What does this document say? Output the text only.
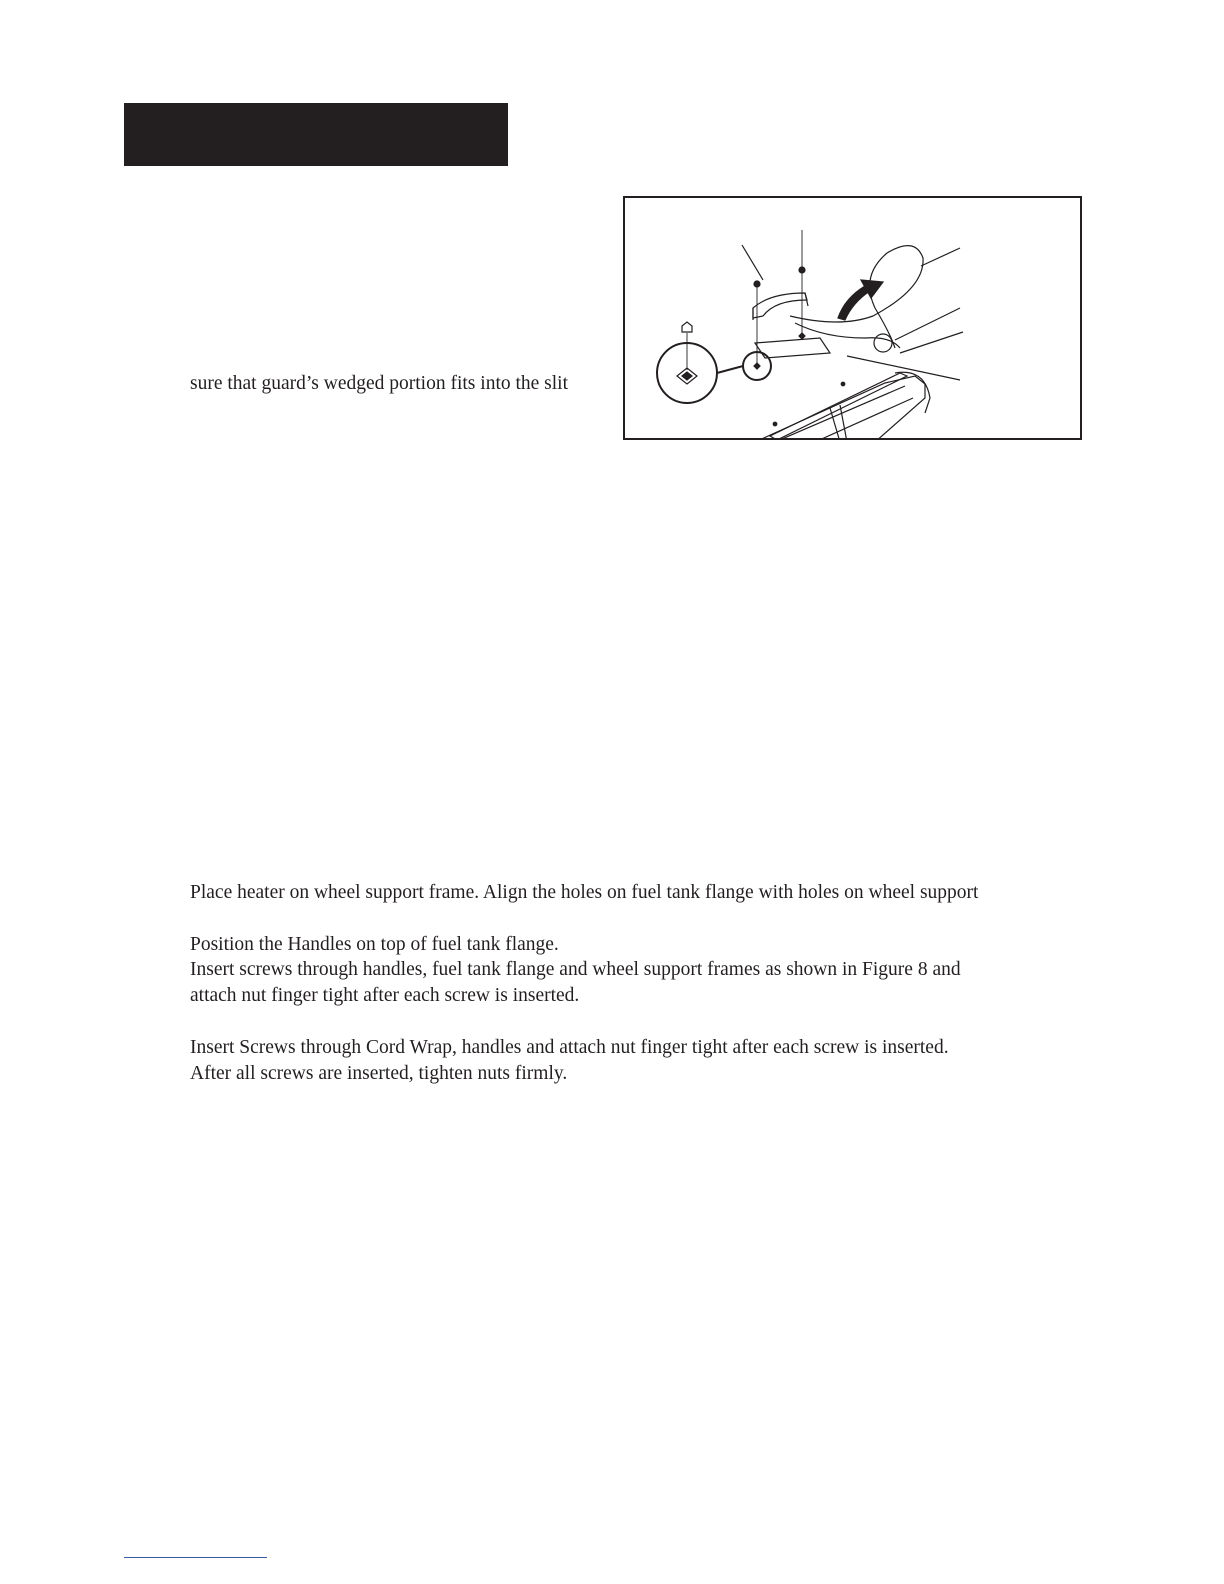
sure that guard’s wedged portion fits into the slit

Place heater on wheel support frame. Align the holes on fuel tank flange with holes on wheel support

Position the Handles on top of fuel tank flange.

Insert screws through handles, fuel tank flange and wheel support frames as shown in Figure 8 and

attach nut finger tight after each screw is inserted.

Insert Screws through Cord Wrap, handles and attach nut finger tight after each screw is inserted.

After all screws are inserted, tighten nuts firmly.
